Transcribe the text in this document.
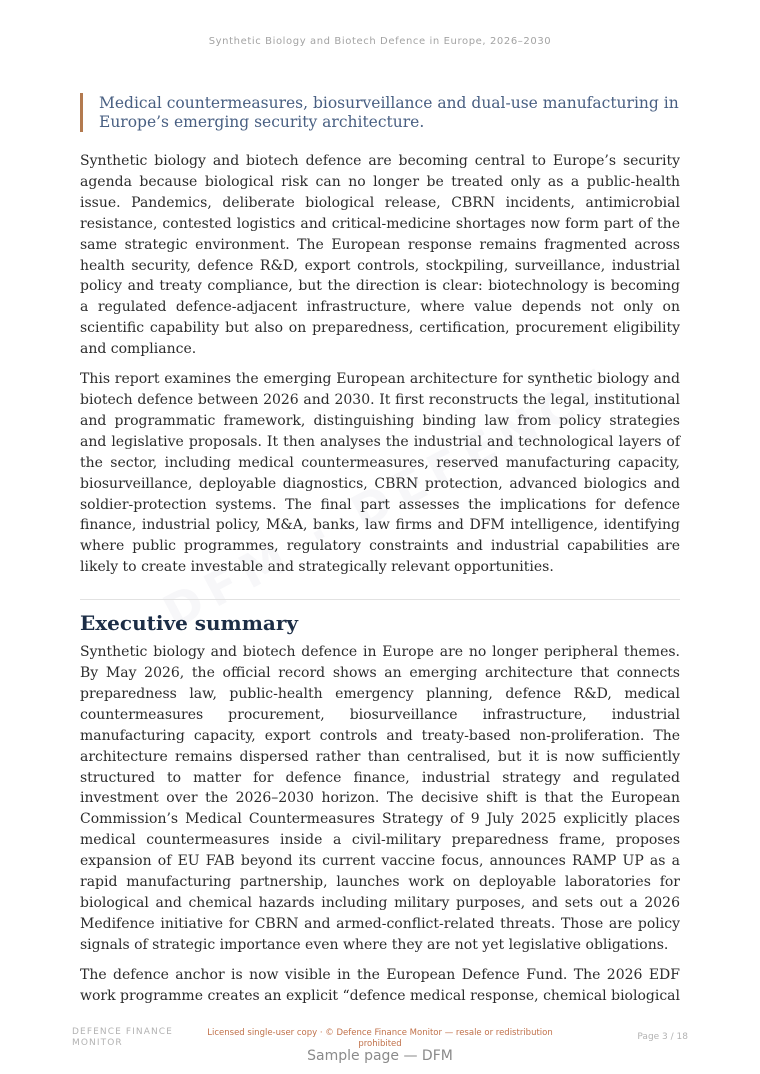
Synthetic Biology and Biotech Defence in Europe, 2026–2030
Medical countermeasures, biosurveillance and dual-use manufacturing in Europe’s emerging security architecture.

Synthetic biology and biotech defence are becoming central to Europe’s security agenda because biological risk can no longer be treated only as a public-health issue. Pandemics, deliberate biological release, CBRN incidents, antimicrobial resistance, contested logistics and critical-medicine shortages now form part of the same strategic environment. The European response remains fragmented across health security, defence R&D, export controls, stockpiling, surveillance, industrial policy and treaty compliance, but the direction is clear: biotechnology is becoming a regulated defence-adjacent infrastructure, where value depends not only on scientific capability but also on preparedness, certification, procurement eligibility and compliance.

This report examines the emerging European architecture for synthetic biology and biotech defence between 2026 and 2030. It first reconstructs the legal, institutional and programmatic framework, distinguishing binding law from policy strategies and legislative proposals. It then analyses the industrial and technological layers of the sector, including medical countermeasures, reserved manufacturing capacity, biosurveillance, deployable diagnostics, CBRN protection, advanced biologics and soldier-protection systems. The final part assesses the implications for defence finance, industrial policy, M&A, banks, law firms and DFM intelligence, identifying where public programmes, regulatory constraints and industrial capabilities are likely to create investable and strategically relevant opportunities.

Executive summary

Synthetic biology and biotech defence in Europe are no longer peripheral themes. By May 2026, the official record shows an emerging architecture that connects preparedness law, public-health emergency planning, defence R&D, medical countermeasures procurement, biosurveillance infrastructure, industrial manufacturing capacity, export controls and treaty-based non-proliferation. The architecture remains dispersed rather than centralised, but it is now sufficiently structured to matter for defence finance, industrial strategy and regulated investment over the 2026–2030 horizon. The decisive shift is that the European Commission’s Medical Countermeasures Strategy of 9 July 2025 explicitly places medical countermeasures inside a civil-military preparedness frame, proposes expansion of EU FAB beyond its current vaccine focus, announces RAMP UP as a rapid manufacturing partnership, launches work on deployable laboratories for biological and chemical hazards including military purposes, and sets out a 2026 Medifence initiative for CBRN and armed-conflict-related threats. Those are policy signals of strategic importance even where they are not yet legislative obligations.

The defence anchor is now visible in the European Defence Fund. The 2026 EDF work programme creates an explicit “defence medical response, chemical biological

DEFENCE FINANCE
MONITOR
Licensed single-user copy · © Defence Finance Monitor — resale or redistribution
prohibited
Page 3 / 18
Sample page — DFM
